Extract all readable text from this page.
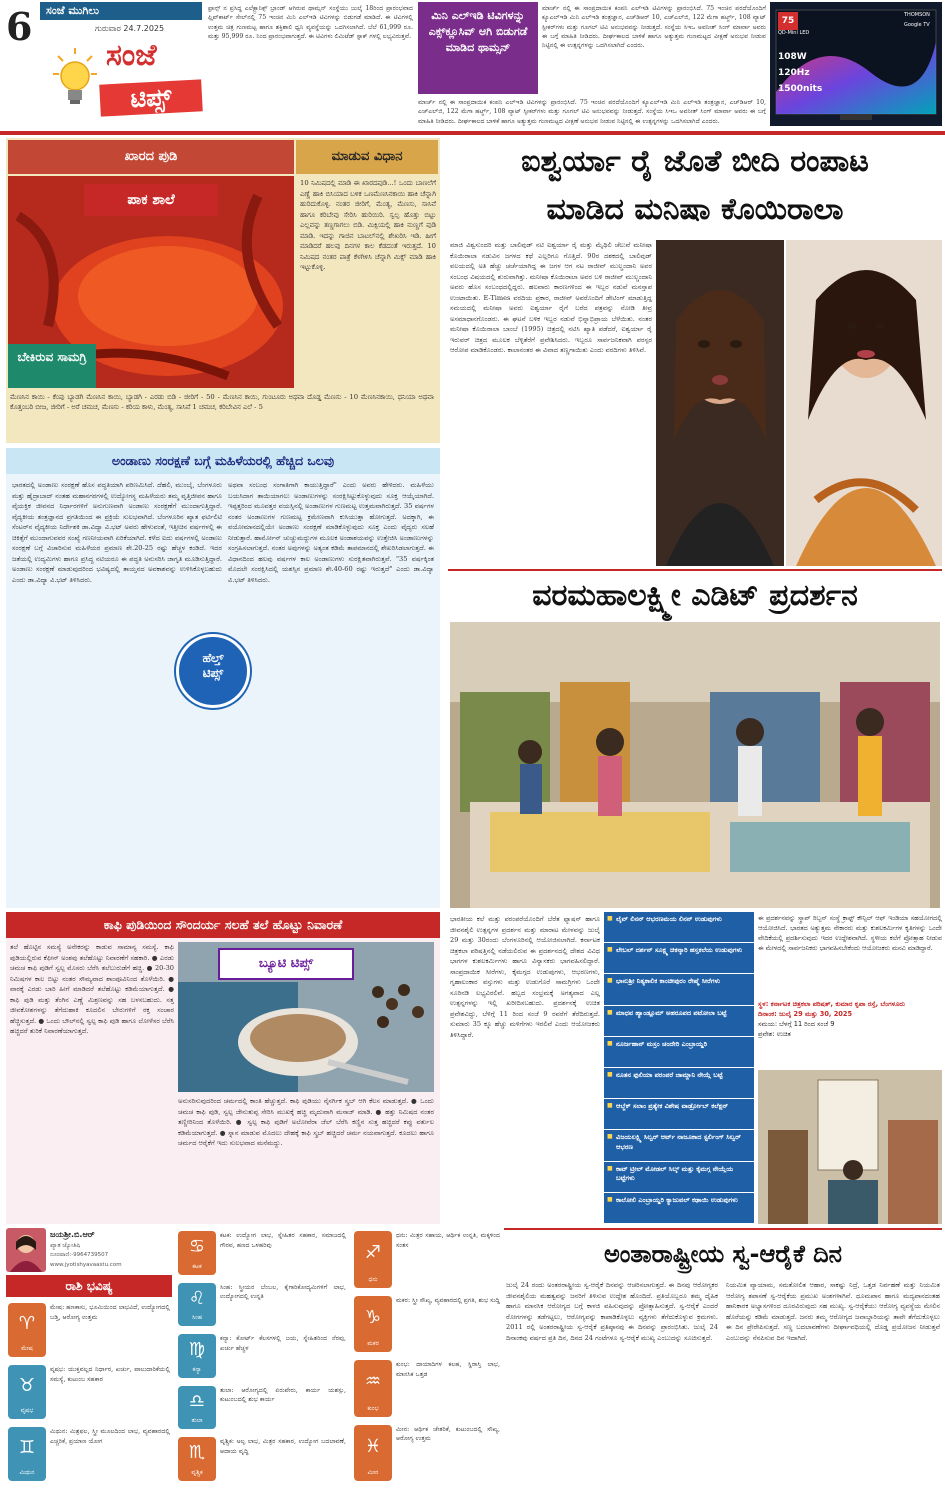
6	ಸಂಜೆ ಮುಗಿಲು
ಗುರುವಾರ 24.7.2025
ಸಂಜೆ
ಟಿಪ್ಸ್
ಫ್ರಾನ್ಸ್ ನ ಪ್ರಸಿದ್ಧ ಎಲೆಕ್ಟ್ರಾನಿಕ್ಸ್ ಬ್ರಾಂಡ್ ಆಗಿರುವ ಥಾಮ್ಸನ್ ಸಂಸ್ಥೆಯು ಜುಲೈ 18ರಿಂದ ಪ್ರಾರಂಭವಾದ ಫ್ಲಿಪ್‌ಕಾರ್ಟ್ ಸೇಲ್‌ನಲ್ಲಿ 75 ಇಂಚಿನ ಮಿನಿ ಎಲ್‌ಇಡಿ ಟಿವಿಗಳನ್ನು ಬಿಡುಗಡೆ ಮಾಡಿದೆ. ಈ ಟಿವಿಗಳಲ್ಲಿ ಉತ್ತಮ ಚಿತ್ರ ಗುಣಮಟ್ಟ ಹಾಗೂ ಶಕ್ತಿಶಾಲಿ ಧ್ವನಿ ವ್ಯವಸ್ಥೆಯನ್ನು ಒದಗಿಸಲಾಗಿದೆ. ಬೆಲೆ 61,999 ರೂ. ಮತ್ತು 95,999 ರೂ. ನಿಂದ ಪ್ರಾರಂಭವಾಗುತ್ತದೆ. ಈ ಟಿವಿಗಳು ಲಿಮಿಟೆಡ್ ಸ್ಟಾಕ್ ಗಳಲ್ಲಿ ಲಭ್ಯವಿರುತ್ತವೆ.
ಮಿನಿ ಎಲ್‌ಇಡಿ ಟಿವಿಗಳನ್ನು ಎಕ್ಸ್‌ಕ್ಲೂಸಿವ್ ಆಗಿ ಬಿಡುಗಡೆ ಮಾಡಿದ ಥಾಮ್ಸನ್
ಮಾರ್ಚ್ ನಲ್ಲಿ ಈ ಸಾಂಪ್ರದಾಯಿಕ ಕಂಪನಿ ಎಲ್‌ಇಡಿ ಟಿವಿಗಳನ್ನು ಪ್ರಾರಂಭಿಸಿದೆ. 75 ಇಂಚಿನ ಪರದೆಯೊಂದಿಗೆ ಕ್ಯೂಎಲ್‌ಇಡಿ ಮಿನಿ ಎಲ್‌ಇಡಿ ತಂತ್ರಜ್ಞಾನ, ಎಚ್‌ಡಿಆರ್ 10, ಎಚ್‌ಎಲ್‌ಜಿ, 122 ಮೆಗಾ ಹರ್ಟ್ಜ್, 108 ವ್ಯಾಟ್ ಸ್ಪೀಕರ್‌ಗಳು ಮತ್ತು ಗೂಗಲ್ ಟಿವಿ ಅನುಭವವನ್ನು ನೀಡುತ್ತದೆ. ಸಂಸ್ಥೆಯ ಸಿಇಒ ಅವನೀತ್ ಸಿಂಗ್ ಮಾರ್ವಾ ಅವರು ಈ ಬಗ್ಗೆ ಮಾಹಿತಿ ನೀಡಿದರು. ದೀರ್ಘಕಾಲದ ಬಾಳಿಕೆ ಹಾಗೂ ಅತ್ಯುತ್ತಮ ಗುಣಮಟ್ಟದ ವೀಕ್ಷಣೆ ಅನುಭವ ನೀಡುವ ನಿಟ್ಟಿನಲ್ಲಿ ಈ ಉತ್ಪನ್ನಗಳನ್ನು ಒದಗಿಸಲಾಗಿದೆ ಎಂದರು.
ಮಾರ್ಚ್ ನಲ್ಲಿ ಈ ಸಾಂಪ್ರದಾಯಿಕ ಕಂಪನಿ ಎಲ್‌ಇಡಿ ಟಿವಿಗಳನ್ನು ಪ್ರಾರಂಭಿಸಿದೆ. 75 ಇಂಚಿನ ಪರದೆಯೊಂದಿಗೆ ಕ್ಯೂಎಲ್‌ಇಡಿ ಮಿನಿ ಎಲ್‌ಇಡಿ ತಂತ್ರಜ್ಞಾನ, ಎಚ್‌ಡಿಆರ್ 10, ಎಚ್‌ಎಲ್‌ಜಿ, 122 ಮೆಗಾ ಹರ್ಟ್ಜ್, 108 ವ್ಯಾಟ್ ಸ್ಪೀಕರ್‌ಗಳು ಮತ್ತು ಗೂಗಲ್ ಟಿವಿ ಅನುಭವವನ್ನು ನೀಡುತ್ತದೆ. ಸಂಸ್ಥೆಯ ಸಿಇಒ ಅವನೀತ್ ಸಿಂಗ್ ಮಾರ್ವಾ ಅವರು ಈ ಬಗ್ಗೆ ಮಾಹಿತಿ ನೀಡಿದರು. ದೀರ್ಘಕಾಲದ ಬಾಳಿಕೆ ಹಾಗೂ ಅತ್ಯುತ್ತಮ ಗುಣಮಟ್ಟದ ವೀಕ್ಷಣೆ ಅನುಭವ ನೀಡುವ ನಿಟ್ಟಿನಲ್ಲಿ ಈ ಉತ್ಪನ್ನಗಳನ್ನು ಒದಗಿಸಲಾಗಿದೆ ಎಂದರು.
75
THOMSON
QD-Mini LED
108W
120Hz
1500nits
Google TV
ಖಾರದ ಪುಡಿ	ಮಾಡುವ ವಿಧಾನ
ಪಾಕ ಶಾಲೆ
ಬೇಕಿರುವ ಸಾಮಗ್ರಿ
10 ನಿಮಿಷದಲ್ಲಿ ಮಾಡಿ ಈ ಖಾರದಪುಡಿ...! ಒಂದು ಬಾಣಲೆಗೆ ಎಣ್ಣೆ ಹಾಕಿ ಬಿಸಿಯಾದ ಬಳಿಕ ಒಣಮೆಣಸಿನಕಾಯಿ ಹಾಕಿ ಚೆನ್ನಾಗಿ ಹುರಿದುಕೊಳ್ಳಿ. ನಂತರ ಜೀರಿಗೆ, ಮೆಂತ್ಯ, ಮೆಣಸು, ಸಾಸಿವೆ ಹಾಗೂ ಕರಿಬೇವು ಸೇರಿಸಿ ಹುರಿಯಿರಿ. ಸ್ವಲ್ಪ ಹೊತ್ತು ಬಿಟ್ಟು ಎಲ್ಲವನ್ನು ತಣ್ಣಗಾಗಲು ಬಿಡಿ. ಮಿಕ್ಸಿಯಲ್ಲಿ ಹಾಕಿ ನುಣ್ಣಗೆ ಪುಡಿ ಮಾಡಿ. ಇದನ್ನು ಗಾಜಿನ ಬಾಟಲ್‌ನಲ್ಲಿ ಶೇಖರಿಸಿ ಇಡಿ. ಹೀಗೆ ಮಾಡಿದರೆ ಹಲವು ದಿನಗಳ ಕಾಲ ಕೆಡದಂತೆ ಇರುತ್ತದೆ. 10 ನಿಮಿಷದ ನಂತರ ಪಾತ್ರೆ ಕೆಳಗಿಳಿಸಿ ಚೆನ್ನಾಗಿ ಮಿಕ್ಸ್ ಮಾಡಿ ಹಾಕಿ ಇಟ್ಟುಕೊಳ್ಳಿ.
ಮೆಣಸಿನ ಕಾಯಿ - ಕೆಂಪು ಬ್ಯಾಡಗಿ ಮೆಣಸಿನ ಕಾಯಿ, ಬ್ಯಾಡಗಿ - ಎರಡು ಬಿಡಿ - ಜೀರಿಗೆ - 50 - ಮೆಣಸಿನ ಕಾಯಿ, ಗುಂಟೂರು ಅಥವಾ ದೊಡ್ಡ ಮೆಣಸು - 10 ಮೆಣಸಿನಕಾಯಿ, ಧನಿಯಾ ಅಥವಾ ಕೊತ್ತಂಬರಿ ಬೀಜ, ಜೀರಿಗೆ - ಅರೆ ಚಮಚ, ಮೆಣಸು - ಕರಿಯ ಕಾಳು, ಮೆಂತ್ಯ, ಸಾಸಿವೆ 1 ಚಮಚ, ಕರಿಬೇವಿನ ಎಲೆ - 5
ಅಂಡಾಣು ಸಂರಕ್ಷಣೆ ಬಗ್ಗೆ ಮಹಿಳೆಯರಲ್ಲಿ ಹೆಚ್ಚಿದ ಒಲವು
ಭಾರತದಲ್ಲಿ ಅಂಡಾಣು ಸಂರಕ್ಷಣೆ ಹೊಸ ಪದ್ಧತಿಯಾಗಿ ಪರಿಣಮಿಸಿದೆ. ದೆಹಲಿ, ಮುಂಬೈ, ಬೆಂಗಳೂರು ಮತ್ತು ಹೈದ್ರಾಬಾದ್ ನಂತಹ ಮಹಾನಗರಗಳಲ್ಲಿ ಉದ್ಯೋಗಸ್ಥ ಮಹಿಳೆಯರು ತಮ್ಮ ವೃತ್ತಿಜೀವನ ಹಾಗೂ ವೈಯಕ್ತಿಕ ಜೀವನದ ನಿರ್ಧಾರಗಳಿಗೆ ಅನುಗುಣವಾಗಿ ಅಂಡಾಣು ಸಂರಕ್ಷಣೆಗೆ ಮುಂದಾಗುತ್ತಿದ್ದಾರೆ. ವೈದ್ಯಕೀಯ ತಂತ್ರಜ್ಞಾನದ ಪ್ರಗತಿಯಿಂದ ಈ ಪ್ರಕ್ರಿಯೆ ಸುಲಭವಾಗಿದೆ. ಬೆಂಗಳೂರಿನ ಖ್ಯಾತ ಫರ್ಟಿಲಿಟಿ ಸೆಂಟರ್‌ನ ವೈದ್ಯಕೀಯ ನಿರ್ದೇಶಕಿ ಡಾ.ವಿದ್ಯಾ ವಿ.ಭಟ್ ಅವರು ಹೇಳುವಂತೆ, ಇತ್ತೀಚಿನ ವರ್ಷಗಳಲ್ಲಿ ಈ ಚಿಕಿತ್ಸೆಗೆ ಮುಂದಾಗುವವರ ಸಂಖ್ಯೆ ಗಣನೀಯವಾಗಿ ಏರಿಕೆಯಾಗಿದೆ. ಕಳೆದ ಐದು ವರ್ಷಗಳಲ್ಲಿ ಅಂಡಾಣು ಸಂರಕ್ಷಣೆ ಬಗ್ಗೆ ವಿಚಾರಿಸುವ ಮಹಿಳೆಯರ ಪ್ರಮಾಣ ಶೇ.20-25 ರಷ್ಟು ಹೆಚ್ಚಳ ಕಂಡಿದೆ. ಇದರ ಜತೆಯಲ್ಲಿ ಉದ್ಯಮಿಗಳು ಹಾಗೂ ಪ್ರಸಿದ್ಧ ನಟಿಯರೂ ಈ ಪದ್ಧತಿ ಅನುಸರಿಸಿ ಜಾಗೃತಿ ಮೂಡಿಸುತ್ತಿದ್ದಾರೆ. ಅಂಡಾಣು ಸಂರಕ್ಷಣೆ ಮಾಡುವುದರಿಂದ ಭವಿಷ್ಯದಲ್ಲಿ ತಾಯ್ತನದ ಅವಕಾಶವನ್ನು ಉಳಿಸಿಕೊಳ್ಳಬಹುದು ಎಂದು ಡಾ.ವಿದ್ಯಾ ವಿ.ಭಟ್ ತಿಳಿಸಿದರು.
ಅಥವಾ ಸಂಬಂಧ ಸಂಗಾತಿಗಾಗಿ ಕಾಯುತ್ತಿದ್ದಾರೆ" ಎಂದು ಅವರು ಹೇಳಿದರು. ಮಹಿಳೆಯು ಬಯಸಿದಾಗ ತಾಯಿಯಾಗಲು ಅಂಡಾಣುಗಳನ್ನು ಸಂರಕ್ಷಿಸಿಟ್ಟುಕೊಳ್ಳುವುದು ಸೂಕ್ತ ಆಯ್ಕೆಯಾಗಿದೆ. ಇಪ್ಪತ್ತರಿಂದ ಮೂವತ್ತರ ವಯಸ್ಸಿನಲ್ಲಿ ಅಂಡಾಣುಗಳ ಗುಣಮಟ್ಟ ಉತ್ತಮವಾಗಿರುತ್ತದೆ. 35 ವರ್ಷಗಳ ನಂತರ ಅಂಡಾಣುಗಳ ಗುಣಮಟ್ಟ ಕ್ರಮೇಣವಾಗಿ ಕುಸಿಯುತ್ತಾ ಹೋಗುತ್ತದೆ. ಅದಕ್ಕಾಗಿ, ಈ ವಯೋಮಾನದಲ್ಲಿಯೇ ಅಂಡಾಣು ಸಂರಕ್ಷಣೆ ಮಾಡಿಕೊಳ್ಳುವುದು ಸೂಕ್ತ ಎಂದು ವೈದ್ಯರು ಸಲಹೆ ನೀಡುತ್ತಾರೆ. ಹಾರ್ಮೋನ್ ಚುಚ್ಚುಮದ್ದುಗಳ ಮೂಲಕ ಅಂಡಾಶಯವನ್ನು ಉತ್ತೇಜಿಸಿ ಅಂಡಾಣುಗಳನ್ನು ಸಂಗ್ರಹಿಸಲಾಗುತ್ತದೆ. ನಂತರ ಅವುಗಳನ್ನು ಅತ್ಯಂತ ಕಡಿಮೆ ತಾಪಮಾನದಲ್ಲಿ ಶೇಖರಿಸಿಡಲಾಗುತ್ತದೆ. ಈ ವಿಧಾನದಿಂದ ಹಲವು ವರ್ಷಗಳ ಕಾಲ ಅಂಡಾಣುಗಳು ಸುರಕ್ಷಿತವಾಗಿರುತ್ತವೆ. "35 ವರ್ಷಕ್ಕಿಂತ ಮೊದಲೇ ಸಂರಕ್ಷಿಸಿದಲ್ಲಿ ಯಶಸ್ಸಿನ ಪ್ರಮಾಣ ಶೇ.40-60 ರಷ್ಟು ಇರುತ್ತದೆ" ಎಂದು ಡಾ.ವಿದ್ಯಾ ವಿ.ಭಟ್ ತಿಳಿಸಿದರು.
ಹೆಲ್ತ್
ಟಿಪ್ಸ್
ಕಾಫಿ ಪುಡಿಯಿಂದ ಸೌಂದರ್ಯ ಸಲಹೆ ತಲೆ ಹೊಟ್ಟು ನಿವಾರಣೆ
ತಲೆ ಹೊಟ್ಟಿನ ಸಮಸ್ಯೆ ಅನೇಕರನ್ನು ಕಾಡುವ ಸಾಮಾನ್ಯ ಸಮಸ್ಯೆ. ಕಾಫಿ ಪುಡಿಯಲ್ಲಿರುವ ಕೆಫೀನ್ ಅಂಶವು ತಲೆಹೊಟ್ಟು ನಿವಾರಣೆಗೆ ಸಹಕಾರಿ. ● ಎರಡು ಚಮಚ ಕಾಫಿ ಪುಡಿಗೆ ಸ್ವಲ್ಪ ಮೊಸರು ಬೆರೆಸಿ ತಲೆಬುರುಡೆಗೆ ಹಚ್ಚಿ. ● 20-30 ನಿಮಿಷಗಳ ಕಾಲ ಬಿಟ್ಟು ನಂತರ ಸೌಮ್ಯವಾದ ಶಾಂಪೂವಿನಿಂದ ತೊಳೆಯಿರಿ. ● ವಾರಕ್ಕೆ ಎರಡು ಬಾರಿ ಹೀಗೆ ಮಾಡಿದರೆ ತಲೆಹೊಟ್ಟು ಕಡಿಮೆಯಾಗುತ್ತದೆ. ● ಕಾಫಿ ಪುಡಿ ಮತ್ತು ತೆಂಗಿನ ಎಣ್ಣೆ ಮಿಶ್ರಣವನ್ನು ಸಹ ಬಳಸಬಹುದು. ಸತ್ತ ಜೀವಕೋಶಗಳನ್ನು ತೆಗೆದುಹಾಕಿ ಕೂದಲಿನ ಬೇರುಗಳಿಗೆ ರಕ್ತ ಸಂಚಾರ ಹೆಚ್ಚಿಸುತ್ತದೆ. ● ಒಂದು ಬೌಲ್‌ನಲ್ಲಿ ಸ್ವಲ್ಪ ಕಾಫಿ ಪುಡಿ ಹಾಗೂ ಲೋಳೆಸರ ಬೆರೆಸಿ ಹಚ್ಚಿದರೆ ತುರಿಕೆ ನಿವಾರಣೆಯಾಗುತ್ತದೆ.
ಬ್ಯೂಟಿ ಟಿಪ್ಸ್
ಅನುಸರಿಸುವುದರಿಂದ ಚರ್ಮದಲ್ಲಿ ಕಾಂತಿ ಹೆಚ್ಚುತ್ತದೆ. ಕಾಫಿ ಪುಡಿಯು ನೈಸರ್ಗಿಕ ಸ್ಕ್ರಬ್ ಆಗಿ ಕೆಲಸ ಮಾಡುತ್ತದೆ. ● ಒಂದು ಚಮಚ ಕಾಫಿ ಪುಡಿ, ಸ್ವಲ್ಪ ಜೇನುತುಪ್ಪ ಸೇರಿಸಿ ಮುಖಕ್ಕೆ ಹಚ್ಚಿ ಮೃದುವಾಗಿ ಮಸಾಜ್ ಮಾಡಿ. ● ಹತ್ತು ನಿಮಿಷದ ನಂತರ ತಣ್ಣೀರಿನಿಂದ ತೊಳೆಯಿರಿ. ● ಸ್ವಲ್ಪ ಕಾಫಿ ಪುಡಿಗೆ ಅಲೋವೆರಾ ಜೆಲ್ ಬೆರೆಸಿ ಕಣ್ಣಿನ ಸುತ್ತ ಹಚ್ಚಿದರೆ ಕಪ್ಪು ವರ್ತುಲ ಕಡಿಮೆಯಾಗುತ್ತದೆ. ● ಸ್ನಾನ ಮಾಡುವ ಮೊದಲು ದೇಹಕ್ಕೆ ಕಾಫಿ ಸ್ಕ್ರಬ್ ಹಚ್ಚಿದರೆ ಚರ್ಮ ನಯವಾಗುತ್ತದೆ. ಕೂದಲು ಹಾಗೂ ಚರ್ಮದ ಆರೈಕೆಗೆ ಇದು ಸುಲಭವಾದ ಮನೆಮದ್ದು.
ಜಯಶ್ರೀ.ಬಿ.ಆರ್
ಖ್ಯಾತ ಜ್ಯೋತಿಷಿ
ದೂರವಾಣಿ:-9964739507
www.jyotishyavaastu.com
ರಾಶಿ ಭವಿಷ್ಯ
♈
ಮೇಷ
ಮೇಷ: ಹಣಕಾಸು, ಭೂಮಿಯಿಂದ ಲಾಭವಿದೆ, ಉದ್ಯೋಗದಲ್ಲಿ ಬಡ್ತಿ, ಆರೋಗ್ಯ ಉತ್ತಮ
♉
ವೃಷಭ
ವೃಷಭ: ಯುಕ್ತವಲ್ಲದ ನಿರ್ಧಾರ, ಖರ್ಚು, ಪಾಲುದಾರಿಕೆಯಲ್ಲಿ ಸಮಸ್ಯೆ, ಕುಟುಂಬ ಸಹಕಾರ
♊
ಮಿಥುನ
ಮಿಥುನ: ಮಿಶ್ರಫಲ, ಸ್ತ್ರೀ ಮೂಲದಿಂದ ಲಾಭ, ವ್ಯವಹಾರದಲ್ಲಿ ಎಚ್ಚರಿಕೆ, ಪ್ರಯಾಣ ಯೋಗ
♋
ಕಟಕ
ಕಟಕ: ಉದ್ಯೋಗ ಲಾಭ, ಸ್ನೇಹಿತರ ಸಹಕಾರ, ಸಮಾಜದಲ್ಲಿ ಗೌರವ, ಹಣದ ಒಳಹರಿವು
♌
ಸಿಂಹ
ಸಿಂಹ: ಸ್ತ್ರೀಯರ ಬೆಂಬಲ, ಕೈಗಾರಿಕೋದ್ಯಮಿಗಳಿಗೆ ಲಾಭ, ಉದ್ಯೋಗದಲ್ಲಿ ಉನ್ನತಿ
♍
ಕನ್ಯಾ
ಕನ್ಯಾ: ಕೋರ್ಟ್ ಕೆಲಸಗಳಲ್ಲಿ ಜಯ, ಸ್ನೇಹಿತರಿಂದ ನೆರವು, ಖರ್ಚು ಹೆಚ್ಚಳ
♎
ತುಲಾ
ತುಲಾ: ಆರೋಗ್ಯದಲ್ಲಿ ಏರುಪೇರು, ಕಾರ್ಯ ಯಶಸ್ಸು, ಕುಟುಂಬದಲ್ಲಿ ಶುಭ ಕಾರ್ಯ
♏
ವೃಶ್ಚಿಕ
ವೃಶ್ಚಿಕ: ಅಲ್ಪ ಲಾಭ, ಮಿತ್ರರ ಸಹಕಾರ, ಉದ್ಯೋಗ ಬದಲಾವಣೆ, ಆದಾಯ ವೃದ್ಧಿ
♐
ಧನು
ಧನು: ಮಿತ್ರರ ಸಹಾಯ, ಆರ್ಥಿಕ ಉನ್ನತಿ, ಮಕ್ಕಳಿಂದ ಸಂತಸ
♑
ಮಕರ
ಮಕರ: ಸ್ತ್ರೀ ಸೌಖ್ಯ, ವ್ಯವಹಾರದಲ್ಲಿ ಪ್ರಗತಿ, ಶುಭ ಸುದ್ದಿ
♒
ಕುಂಭ
ಕುಂಭ: ದಾಯಾದಿಗಳ ಕಲಹ, ಸ್ಥಿರಾಸ್ತಿ ಲಾಭ, ಮಾನಸಿಕ ಒತ್ತಡ
♓
ಮೀನ
ಮೀನ: ಆರ್ಥಿಕ ಚೇತರಿಕೆ, ಕುಟುಂಬದಲ್ಲಿ ಸೌಖ್ಯ, ಆರೋಗ್ಯ ಉತ್ತಮ
ಐಶ್ವರ್ಯಾ ರೈ ಜೊತೆ ಬೀದಿ ರಂಪಾಟ
ಮಾಡಿದ ಮನಿಷಾ ಕೊಯಿರಾಲಾ
ಮಾಜಿ ವಿಶ್ವಸುಂದರಿ ಮತ್ತು ಬಾಲಿವುಡ್ ನಟಿ ಐಶ್ವರ್ಯಾ ರೈ ಮತ್ತು ಮೈಥಿಲಿ ಚೆಲುವೆ ಮನೀಷಾ ಕೊಯಿರಾಲಾ ನಡುವಿನ ಜಗಳದ ಕಥೆ ಎಲ್ಲರಿಗೂ ಗೊತ್ತಿದೆ. 90ರ ದಶಕದಲ್ಲಿ ಬಾಲಿವುಡ್ ವಲಯದಲ್ಲಿ ಅತಿ ಹೆಚ್ಚು ಚರ್ಚೆಯಾಗಿದ್ದ ಈ ಜಗಳ ಆಗ ನಟ ರಾಜೀವ್ ಮುಲ್ಚಂದಾನಿ ಅವರ ಸಂಬಂಧ ವಿಷಯದಲ್ಲಿ ಶುರುವಾಗಿತ್ತು. ಮನೀಷಾ ಕೊಯಿರಾಲಾ ಅವರ ಬಳಿ ರಾಜೀವ್ ಮುಲ್ಚಂದಾನಿ ಅವರು ಹೊಸ ಸಂಬಂಧದಲ್ಲಿದ್ದರು. ಹಲವಾರು ಕಾರಣಗಳಿಂದ ಈ ಇಬ್ಬರ ನಡುವೆ ಮನಸ್ತಾಪ ಉಂಟಾಯಿತು. E-Times ವರದಿಯ ಪ್ರಕಾರ, ರಾಜೀವ್ ಅವರೊಂದಿಗೆ ಡೇಟಿಂಗ್ ಮಾಡುತ್ತಿದ್ದ ಸಮಯದಲ್ಲಿ ಮನೀಷಾ ಅವರು ಐಶ್ವರ್ಯಾ ರೈಗೆ ಬರೆದ ಪತ್ರವನ್ನು ನೋಡಿ ತೀವ್ರ ಅಸಮಾಧಾನಗೊಂಡರು. ಈ ಘಟನೆ ಬಳಿಕ ಇಬ್ಬರ ನಡುವೆ ಭಿನ್ನಾಭಿಪ್ರಾಯ ಬೆಳೆಯಿತು. ನಂತರ ಮನೀಷಾ ಕೊಯಿರಾಲಾ ಬಾಂಬೆ (1995) ಚಿತ್ರದಲ್ಲಿ ನಟಿಸಿ ಖ್ಯಾತಿ ಪಡೆದರೆ, ಐಶ್ವರ್ಯಾ ರೈ ಇರುವರ್ ಚಿತ್ರದ ಮೂಲಕ ಬೆಳ್ಳಿತೆರೆಗೆ ಪ್ರವೇಶಿಸಿದರು. ಇಬ್ಬರೂ ಸಾರ್ವಜನಿಕವಾಗಿ ಪರಸ್ಪರ ಆರೋಪ ಮಾಡಿಕೊಂಡರು. ಕಾಲಾನಂತರ ಈ ವಿವಾದ ತಣ್ಣಗಾಯಿತು ಎಂದು ವರದಿಗಳು ತಿಳಿಸಿವೆ.
ವರಮಹಾಲಕ್ಷ್ಮೀ ಎಡಿಟ್ ಪ್ರದರ್ಶನ
ಭಾರತೀಯ ಕಲೆ ಮತ್ತು ಪರಂಪರೆಯೊಂದಿಗೆ ಬೆರೆತ ಫ್ಯಾಷನ್ ಹಾಗೂ ಜೀವನಶೈಲಿ ಉತ್ಪನ್ನಗಳ ಪ್ರದರ್ಶನ ಮತ್ತು ಮಾರಾಟ ಮೇಳವನ್ನು ಜುಲೈ 29 ಮತ್ತು 30ರಂದು ಬೆಂಗಳೂರಿನಲ್ಲಿ ಆಯೋಜಿಸಲಾಗಿದೆ. ಕರ್ನಾಟಕ ಚಿತ್ರಕಲಾ ಪರಿಷತ್ತಿನಲ್ಲಿ ನಡೆಯಲಿರುವ ಈ ಪ್ರದರ್ಶನದಲ್ಲಿ ದೇಶದ ವಿವಿಧ ಭಾಗಗಳ ಕುಶಲಕರ್ಮಿಗಳು ಹಾಗೂ ವಿನ್ಯಾಸಕರು ಭಾಗವಹಿಸಲಿದ್ದಾರೆ. ಸಾಂಪ್ರದಾಯಿಕ ಸೀರೆಗಳು, ಕೈಮಗ್ಗದ ಉಡುಪುಗಳು, ಆಭರಣಗಳು, ಗೃಹಾಲಂಕಾರ ವಸ್ತುಗಳು ಮತ್ತು ಉಡುಗೊರೆ ಸಾಮಗ್ರಿಗಳು ಒಂದೇ ಸೂರಿನಡಿ ಲಭ್ಯವಿರಲಿವೆ. ಹಬ್ಬದ ಸಂಭ್ರಮಕ್ಕೆ ಅಗತ್ಯವಾದ ಎಲ್ಲ ಉತ್ಪನ್ನಗಳನ್ನು ಇಲ್ಲಿ ಖರೀದಿಸಬಹುದು. ಪ್ರದರ್ಶನಕ್ಕೆ ಉಚಿತ ಪ್ರವೇಶವಿದ್ದು, ಬೆಳಿಗ್ಗೆ 11 ರಿಂದ ಸಂಜೆ 9 ರವರೆಗೆ ತೆರೆದಿರುತ್ತದೆ. ಸುಮಾರು 35 ಕ್ಕೂ ಹೆಚ್ಚು ಮಳಿಗೆಗಳು ಇರಲಿವೆ ಎಂದು ಆಯೋಜಕರು ತಿಳಿಸಿದ್ದಾರೆ.
■ ಲೈವ್ ಲಿನನ್ ಆಭರಣಮಯ ಲಿನನ್ ಉಡುಪುಗಳು
■ ಲೇಬಲ್ ದರ್ಶನ್ ಸೂಕ್ಷ್ಮ ಚಿಕನ್ಕಾರಿ ಹಸ್ತಕಲೆಯ ಉಡುಪುಗಳು
■ ಭಾನುಶ್ರೀ ನಿತ್ಯಕಾಲಿಕ ಕಾಂಚೀಪುರಂ ರೇಷ್ಮೆ ಸೀರೆಗಳು
■ ಮಾಧವ ಹ್ಯಾಂಡ್ಲೂಮ್ ಅಹರೂಪದ ಪಟೋಲಾ ಬಟ್ಟೆ
■ ನೂರ್ಜಹಾನ್ ಮಸ್ರಂ ಚಂದೇರಿ ಎಂಬ್ರಾಯ್ಡರಿ
■ ನೂತನ ಫುಲಿಯಾ ಪರಂಪರೆ ಜಾಮ್ದಾನಿ ನೇಯ್ಗೆ ಬಟ್ಟೆ
■ ಆಬ್ಜೆಕ್ ಸಲಾಂ ಪ್ರತ್ಯೇಕ ವಿಶೇಷ ವಾರ್ಡ್ರೋಬ್ ಕಲೆಕ್ಷನ್
■ ವಿಜಯಲಕ್ಷ್ಮಿ ಸಿಲ್ವರ್ ಆರ್ಟ್ ನಾಜೂಕಾದ ಸ್ಟರ್ಲಿಂಗ್ ಸಿಲ್ವರ್ ಆಭರಣ
■ ಕಾಟ್ ಟ್ರೀಲ್ ಮೋಡಲ್ ಸಿಲ್ಕ್ ಮತ್ತು ಕೈಮಗ್ಗ ನೇಯ್ಗೆಯ ಬಟ್ಟೆಗಳು
■ ಕಾಲೋಲಿ ಎಂಬ್ರಾಯ್ಡರಿ ಕ್ಯಾಜುವಲ್ ಕಢಾಯಿ ಉಡುಪುಗಳು
ಈ ಪ್ರದರ್ಶನವನ್ನು ಸ್ಕ್ರಾಪ್ ರಿಬ್ಬನ್ ಸಂಸ್ಥೆ ಕ್ರಾಫ್ಟ್ ಕೌನ್ಸಿಲ್ ಆಫ್ ಇಂಡಿಯಾ ಸಹಯೋಗದಲ್ಲಿ ಆಯೋಜಿಸಿದೆ. ಭಾರತದ ಅತ್ಯುತ್ತಮ ನೇಕಾರರು ಮತ್ತು ಕುಶಲಕರ್ಮಿಗಳ ಕೃತಿಗಳನ್ನು ಒಂದೇ ವೇದಿಕೆಯಲ್ಲಿ ಪ್ರದರ್ಶಿಸುವುದು ಇದರ ಉದ್ದೇಶವಾಗಿದೆ. ಸ್ಥಳೀಯ ಕಲೆಗೆ ಪ್ರೋತ್ಸಾಹ ನೀಡುವ ಈ ಮೇಳದಲ್ಲಿ ಸಾರ್ವಜನಿಕರು ಭಾಗವಹಿಸಬೇಕೆಂದು ಆಯೋಜಕರು ಮನವಿ ಮಾಡಿದ್ದಾರೆ.
ಸ್ಥಳ: ಕರ್ನಾಟಕ ಚಿತ್ರಕಲಾ ಪರಿಷತ್, ಕುಮಾರ ಕೃಪಾ ರಸ್ತೆ, ಬೆಂಗಳೂರು
ದಿನಾಂಕ: ಜುಲೈ 29 ಮತ್ತು 30, 2025
ಸಮಯ: ಬೆಳಗ್ಗೆ 11 ರಿಂದ ಸಂಜೆ 9
ಪ್ರವೇಶ: ಉಚಿತ
ಅಂತಾರಾಷ್ಟ್ರೀಯ ಸ್ವ-ಆರೈಕೆ ದಿನ
ಜುಲೈ 24 ರಂದು ಅಂತರರಾಷ್ಟ್ರೀಯ ಸ್ವ-ಆರೈಕೆ ದಿನವನ್ನು ಆಚರಿಸಲಾಗುತ್ತದೆ. ಈ ದಿನವು ಆರೋಗ್ಯಕರ ಜೀವನಶೈಲಿಯ ಮಹತ್ವವನ್ನು ಜನರಿಗೆ ತಿಳಿಸುವ ಉದ್ದೇಶ ಹೊಂದಿದೆ. ಪ್ರತಿಯೊಬ್ಬರೂ ತಮ್ಮ ದೈಹಿಕ ಹಾಗೂ ಮಾನಸಿಕ ಆರೋಗ್ಯದ ಬಗ್ಗೆ ಕಾಳಜಿ ವಹಿಸುವುದನ್ನು ಪ್ರೋತ್ಸಾಹಿಸುತ್ತದೆ. ಸ್ವ-ಆರೈಕೆ ಎಂದರೆ ರೋಗಗಳನ್ನು ತಡೆಗಟ್ಟಲು, ಆರೋಗ್ಯವನ್ನು ಕಾಪಾಡಿಕೊಳ್ಳಲು ವ್ಯಕ್ತಿಗಳು ತೆಗೆದುಕೊಳ್ಳುವ ಕ್ರಮಗಳು. 2011 ರಲ್ಲಿ ಅಂತರರಾಷ್ಟ್ರೀಯ ಸ್ವ-ಆರೈಕೆ ಪ್ರತಿಷ್ಠಾನವು ಈ ದಿನವನ್ನು ಪ್ರಾರಂಭಿಸಿತು. ಜುಲೈ 24 ದಿನಾಂಕವು ವರ್ಷದ ಪ್ರತಿ ದಿನ, ದಿನದ 24 ಗಂಟೆಗಳೂ ಸ್ವ-ಆರೈಕೆ ಮುಖ್ಯ ಎಂಬುದನ್ನು ಸೂಚಿಸುತ್ತದೆ.
ನಿಯಮಿತ ವ್ಯಾಯಾಮ, ಸಮತೋಲಿತ ಆಹಾರ, ಸಾಕಷ್ಟು ನಿದ್ರೆ, ಒತ್ತಡ ನಿರ್ವಹಣೆ ಮತ್ತು ನಿಯಮಿತ ಆರೋಗ್ಯ ತಪಾಸಣೆ ಸ್ವ-ಆರೈಕೆಯ ಪ್ರಮುಖ ಅಂಶಗಳಾಗಿವೆ. ಧೂಮಪಾನ ಹಾಗೂ ಮದ್ಯಪಾನದಂತಹ ಹಾನಿಕಾರಕ ಅಭ್ಯಾಸಗಳಿಂದ ದೂರವಿರುವುದು ಸಹ ಮುಖ್ಯ. ಸ್ವ-ಆರೈಕೆಯು ಆರೋಗ್ಯ ವ್ಯವಸ್ಥೆಯ ಮೇಲಿನ ಹೊರೆಯನ್ನು ಕಡಿಮೆ ಮಾಡುತ್ತದೆ. ಜನರು ತಮ್ಮ ಆರೋಗ್ಯದ ಜವಾಬ್ದಾರಿಯನ್ನು ತಾವೇ ತೆಗೆದುಕೊಳ್ಳಲು ಈ ದಿನ ಪ್ರೇರೇಪಿಸುತ್ತದೆ. ಸಣ್ಣ ಬದಲಾವಣೆಗಳು ದೀರ್ಘಾವಧಿಯಲ್ಲಿ ದೊಡ್ಡ ಪ್ರಯೋಜನ ನೀಡುತ್ತವೆ ಎಂಬುದನ್ನು ನೆನಪಿಸುವ ದಿನ ಇದಾಗಿದೆ.
